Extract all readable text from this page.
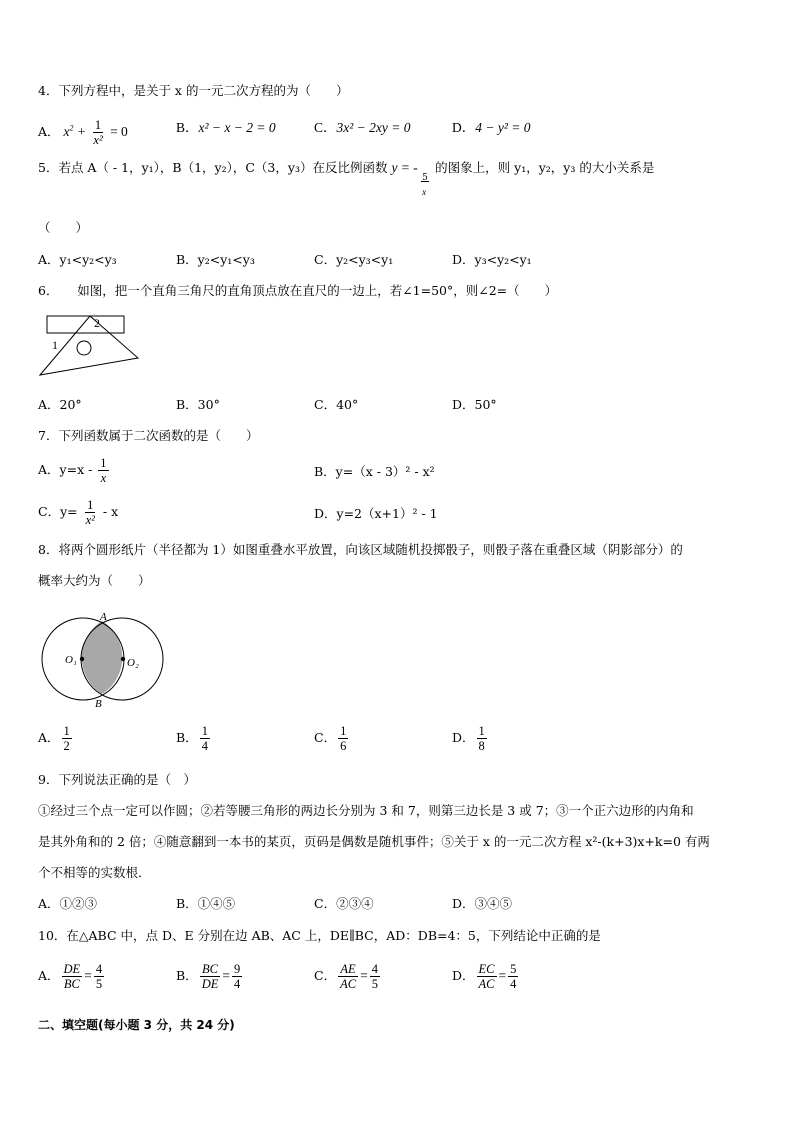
4．下列方程中，是关于 x 的一元二次方程的为（　　）
A． $x^2 + \frac{1}{\text{x²}} = 0$	B．x² − x − 2 = 0	C．3x² − 2xy = 0	D．4 − y² = 0
5．若点 A（ - 1，y₁），B（1，y₂），C（3，y₃）在反比例函数 y = - $\frac{5}{x}$ 的图象上，则 y₁，y₂，y₃ 的大小关系是
（　　）
A．y₁<y₂<y₃	B．y₂<y₁<y₃	C．y₂<y₃<y₁	D．y₃<y₂<y₁
6．　　如图，把一个直角三角尺的直角顶点放在直尺的一边上，若∠1=50°，则∠2=（　　）
2
1
A．20°	B．30°	C．40°	D．50°
7．下列函数属于二次函数的是（　　）
A．$y=x - \frac{1}{x}$	B．y=（x - 3）² - x²
C．$y= \frac{1}{\text{x²}} - x$	D．y=2（x+1）² - 1
8．将两个圆形纸片（半径都为 1）如图重叠水平放置，向该区域随机投掷骰子，则骰子落在重叠区域（阴影部分）的
概率大约为（　　）
A
B
O₁	O₂
A． $\frac{1}{2}$	B． $\frac{1}{4}$	C． $\frac{1}{6}$	D． $\frac{1}{8}$
9．下列说法正确的是（　）
①经过三个点一定可以作圆；②若等腰三角形的两边长分别为 3 和 7，则第三边长是 3 或 7；③一个正六边形的内角和
是其外角和的 2 倍；④随意翻到一本书的某页，页码是偶数是随机事件；⑤关于 x 的一元二次方程 x²-(k+3)x+k=0 有两
个不相等的实数根．
A．①②③	B．①④⑤	C．②③④	D．③④⑤
10．在△ABC 中，点 D、E 分别在边 AB、AC 上，DE∥BC，AD：DB=4：5，下列结论中正确的是
A． $\frac{DE}{BC} = \frac{4}{5}$	B． $\frac{BC}{DE} = \frac{9}{4}$	C． $\frac{AE}{AC} = \frac{4}{5}$	D． $\frac{EC}{AC} = \frac{5}{4}$
二、填空题(每小题 3 分，共 24 分)
